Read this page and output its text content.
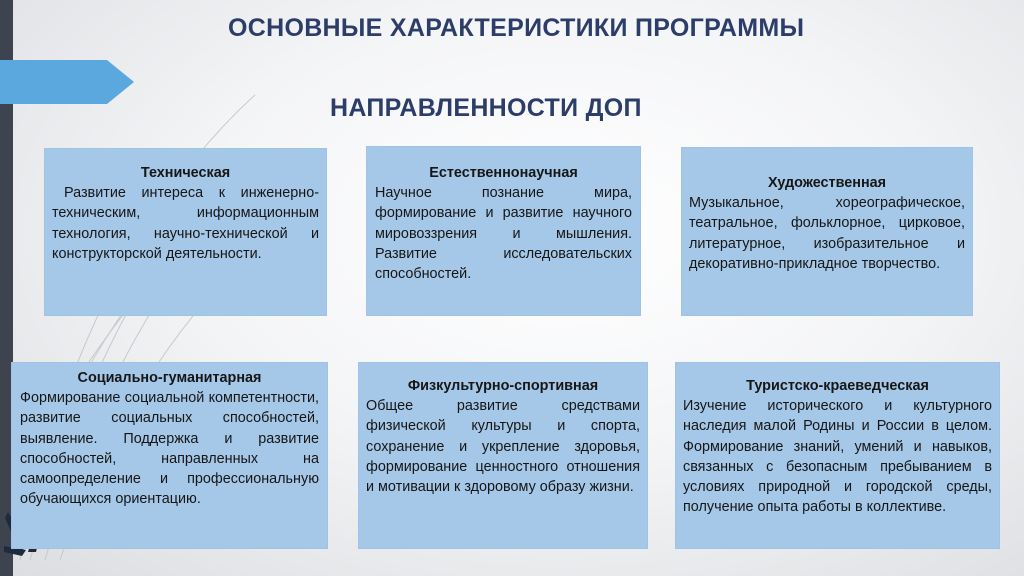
ОСНОВНЫЕ ХАРАКТЕРИСТИКИ ПРОГРАММЫ
НАПРАВЛЕННОСТИ ДОП
Техническая
Развитие интереса к инженерно-техническим, информационным технология, научно-технической и конструкторской деятельности.
Естественнонаучная
Научное познание мира, формирование и развитие научного мировоззрения и мышления. Развитие исследовательских способностей.
Художественная
Музыкальное, хореографическое, театральное, фольклорное, цирковое, литературное, изобразительное и декоративно-прикладное творчество.
Социально-гуманитарная
Формирование социальной компетентности, развитие социальных способностей, выявление. Поддержка и развитие способностей, направленных на самоопределение и профессиональную обучающихся ориентацию.
Физкультурно-спортивная
Общее развитие средствами физической культуры и спорта, сохранение и укрепление здоровья, формирование ценностного отношения и мотивации к здоровому образу жизни.
Туристско-краеведческая
Изучение исторического и культурного наследия малой Родины и России в целом. Формирование знаний, умений и навыков, связанных с безопасным пребыванием в условиях природной и городской среды, получение опыта работы в коллективе.
